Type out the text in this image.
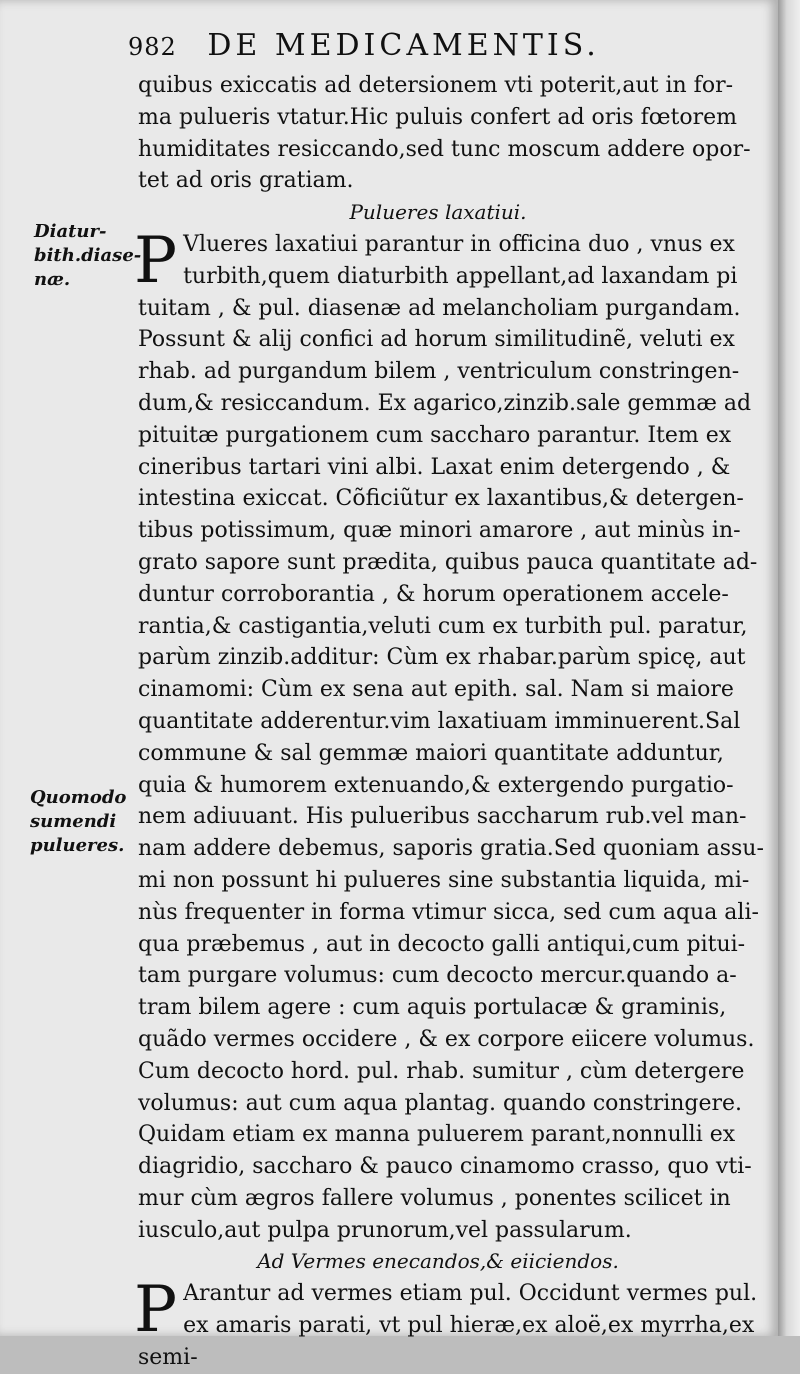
982 DE MEDICAMENTIS.
Diatur-
bith.diase-
næ.
Quomodo
sumendi
pulueres.
quibus exiccatis ad detersionem vti poterit,aut in for-
ma pulueris vtatur.Hic puluis confert ad oris fœtorem
humiditates resiccando,sed tunc moscum addere opor-
tet ad oris gratiam.
Pulueres laxatiui.
P Vlueres laxatiui parantur in officina duo , vnus ex
turbith,quem diaturbith appellant,ad laxandam pi
tuitam , & pul. diasenæ ad melancholiam purgandam.
Possunt & alij confici ad horum similitudinẽ, veluti ex
rhab. ad purgandum bilem , ventriculum constringen-
dum,& resiccandum. Ex agarico,zinzib.sale gemmæ ad
pituitæ purgationem cum saccharo parantur. Item ex
cineribus tartari vini albi. Laxat enim detergendo , &
intestina exiccat. Cõficiũtur ex laxantibus,& detergen-
tibus potissimum, quæ minori amarore , aut minùs in-
grato sapore sunt prædita, quibus pauca quantitate ad-
duntur corroborantia , & horum operationem accele-
rantia,& castigantia,veluti cum ex turbith pul. paratur,
parùm zinzib.additur: Cùm ex rhabar.parùm spicę, aut
cinamomi: Cùm ex sena aut epith. sal. Nam si maiore
quantitate adderentur.vim laxatiuam imminuerent.Sal
commune & sal gemmæ maiori quantitate adduntur,
quia & humorem extenuando,& extergendo purgatio-
nem adiuuant. His pulueribus saccharum rub.vel man-
nam addere debemus, saporis gratia.Sed quoniam assu-
mi non possunt hi pulueres sine substantia liquida, mi-
nùs frequenter in forma vtimur sicca, sed cum aqua ali-
qua præbemus , aut in decocto galli antiqui,cum pitui-
tam purgare volumus: cum decocto mercur.quando a-
tram bilem agere : cum aquis portulacæ & graminis,
quãdo vermes occidere , & ex corpore eiicere volumus.
Cum decocto hord. pul. rhab. sumitur , cùm detergere
volumus: aut cum aqua plantag. quando constringere.
Quidam etiam ex manna puluerem parant,nonnulli ex
diagridio, saccharo & pauco cinamomo crasso, quo vti-
mur cùm ægros fallere volumus , ponentes scilicet in
iusculo,aut pulpa prunorum,vel passularum.
Ad Vermes enecandos,& eiiciendos.
P Arantur ad vermes etiam pul. Occidunt vermes pul.
ex amaris parati, vt pul hieræ,ex aloë,ex myrrha,ex
semi-
